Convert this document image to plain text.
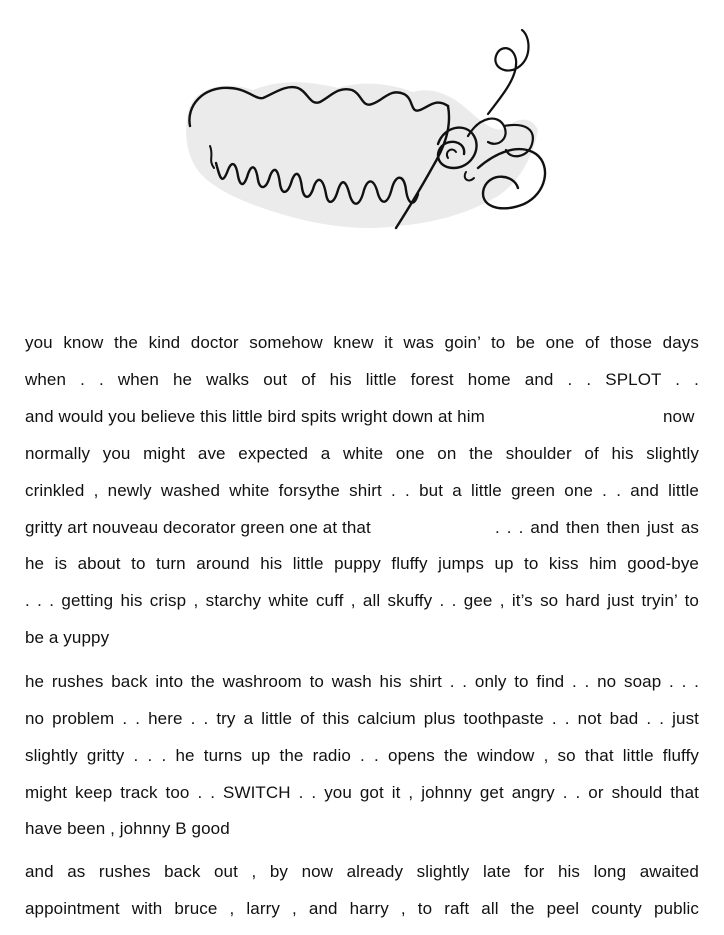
you know the kind doctor somehow knew it was goin’ to be one of those days
when . . when he walks out of his little forest home and . . SPLOT . .
and would you believe this little bird spits wright down at him	now
normally you might ave expected a white one on the shoulder of his slightly
crinkled , newly washed white forsythe shirt . . but a little green one . . and little
gritty art nouveau decorator green one at that	. . . and then then just as
he is about to turn around his little puppy fluffy jumps up to kiss him good-bye
. . . getting his crisp , starchy white cuff , all skuffy . . gee , it’s so hard just tryin’ to
be a yuppy
he rushes back into the washroom to wash his shirt . . only to find . . no soap . . .
no problem . . here . . try a little of this calcium plus toothpaste . . not bad . . just
slightly gritty . . . he turns up the radio . . opens the window , so that little fluffy
might keep track too . . SWITCH . . you got it , johnny get angry . . or should that
have been , johnny B good
and as rushes back out , by now already slightly late for his long awaited
appointment with bruce , larry , and harry , to raft all the peel county public
